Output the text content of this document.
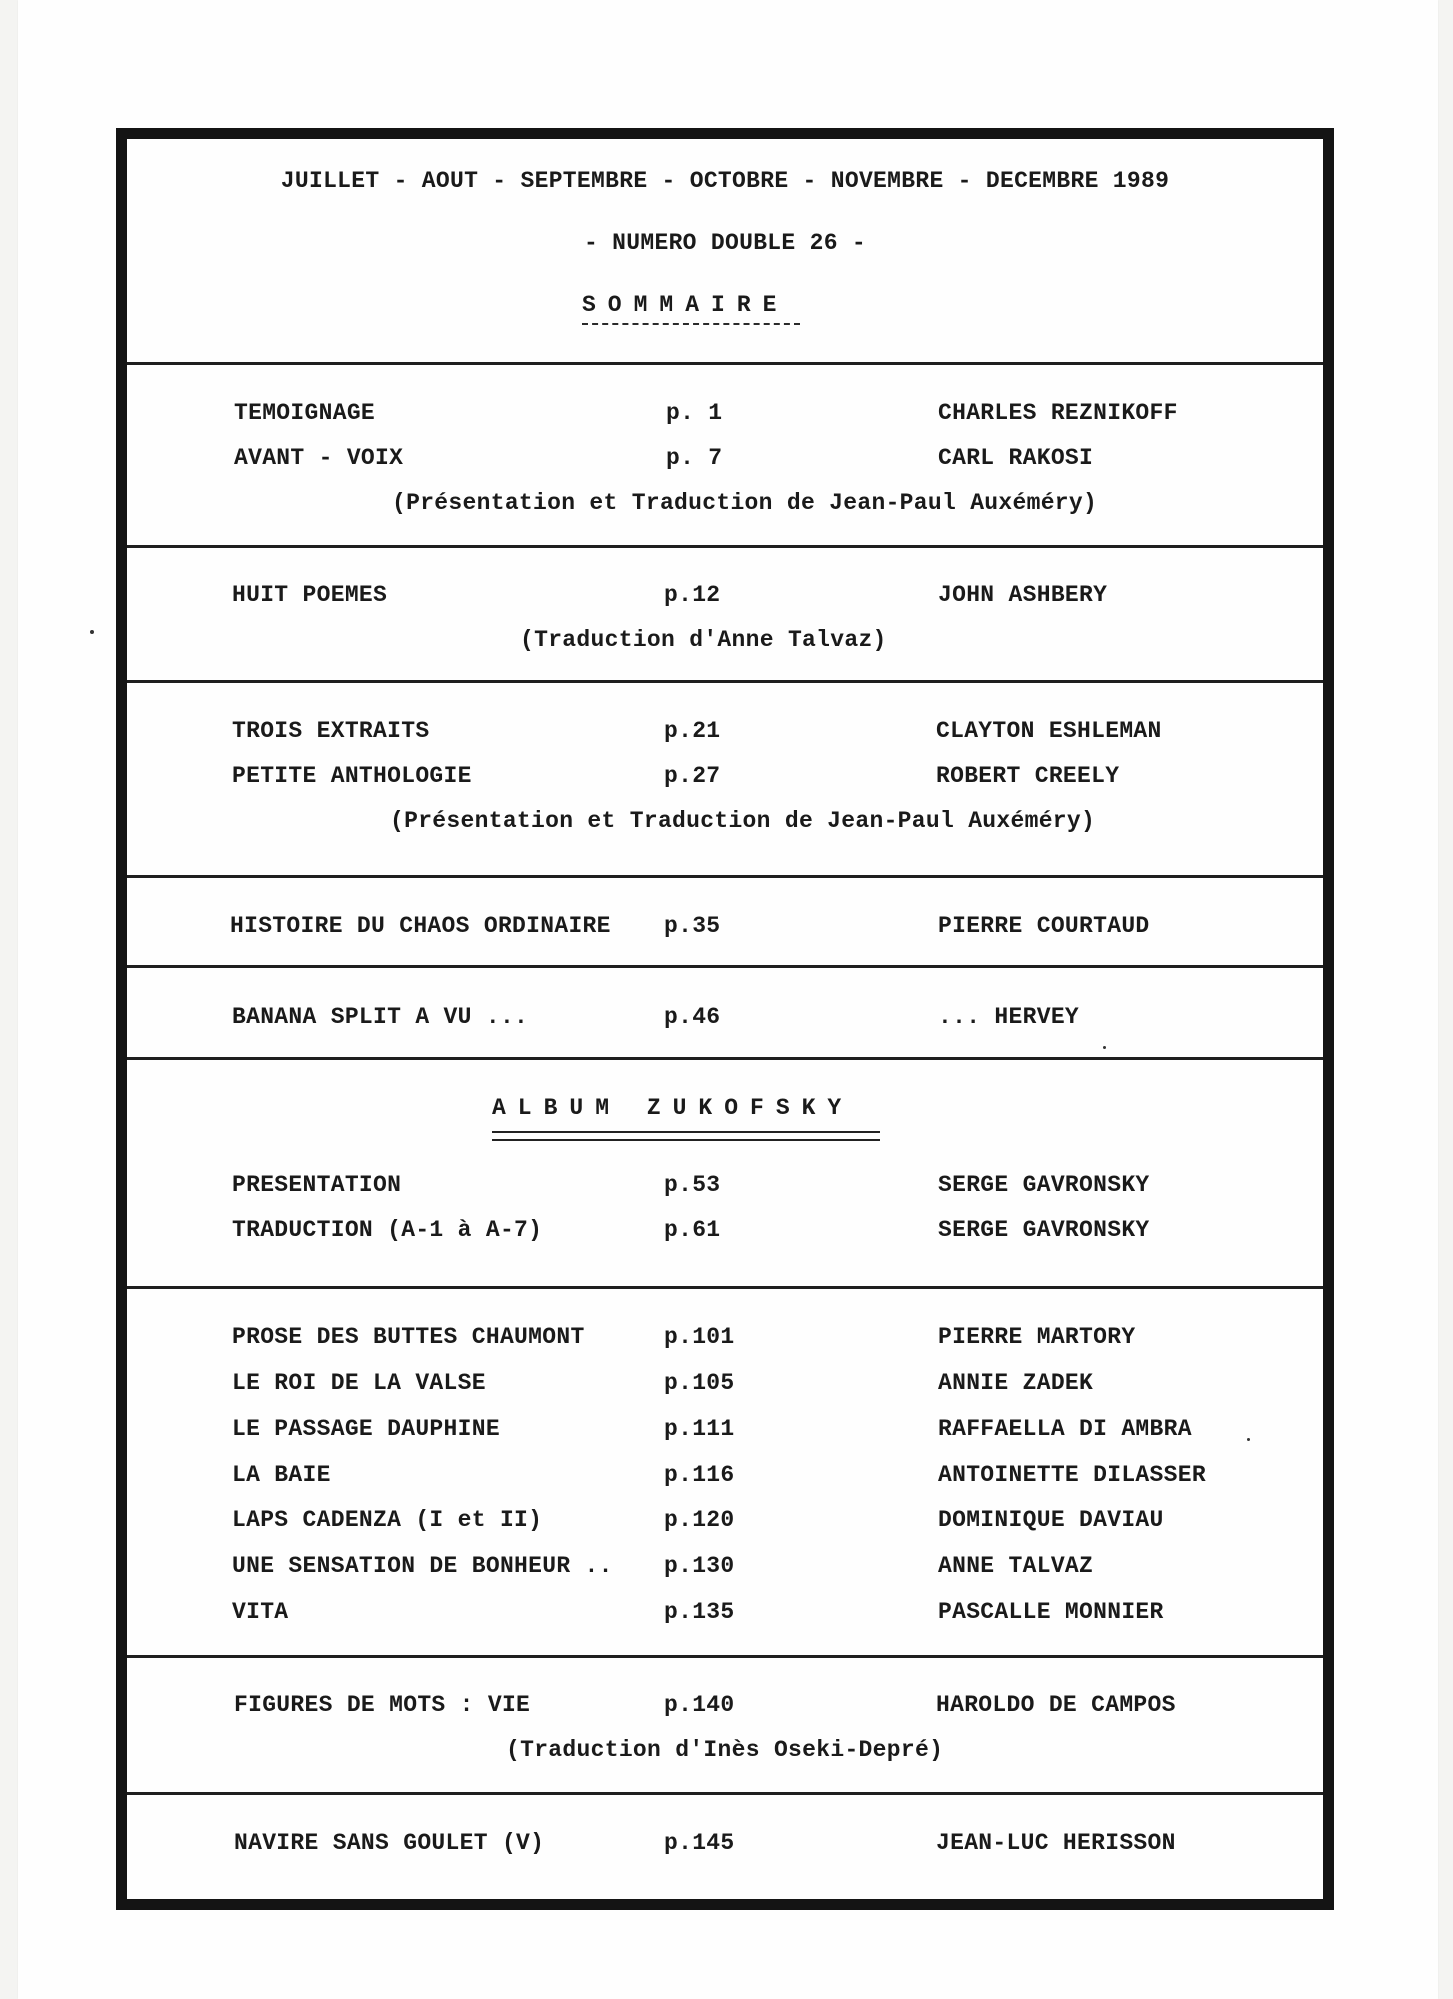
JUILLET - AOUT - SEPTEMBRE - OCTOBRE - NOVEMBRE - DECEMBRE 1989
- NUMERO DOUBLE 26 -
SOMMAIRE
TEMOIGNAGE	p. 1	CHARLES REZNIKOFF
AVANT - VOIX	p. 7	CARL RAKOSI
(Présentation et Traduction de Jean-Paul Auxéméry)
HUIT POEMES	p.12	JOHN ASHBERY
(Traduction d'Anne Talvaz)
TROIS EXTRAITS	p.21	CLAYTON ESHLEMAN
PETITE ANTHOLOGIE	p.27	ROBERT CREELY
(Présentation et Traduction de Jean-Paul Auxéméry)
HISTOIRE DU CHAOS ORDINAIRE p.35	PIERRE COURTAUD
BANANA SPLIT A VU ...	p.46	... HERVEY
ALBUM ZUKOFSKY
PRESENTATION	p.53	SERGE GAVRONSKY
TRADUCTION (A-1 à A-7)	p.61	SERGE GAVRONSKY
PROSE DES BUTTES CHAUMONT	p.101	PIERRE MARTORY
LE ROI DE LA VALSE	p.105	ANNIE ZADEK
LE PASSAGE DAUPHINE	p.111	RAFFAELLA DI AMBRA
LA BAIE	p.116	ANTOINETTE DILASSER
LAPS CADENZA (I et II)	p.120	DOMINIQUE DAVIAU
UNE SENSATION DE BONHEUR .. p.130	ANNE TALVAZ
VITA	p.135	PASCALLE MONNIER
FIGURES DE MOTS : VIE	p.140	HAROLDO DE CAMPOS
(Traduction d'Inès Oseki-Depré)
NAVIRE SANS GOULET (V)	p.145	JEAN-LUC HERISSON
